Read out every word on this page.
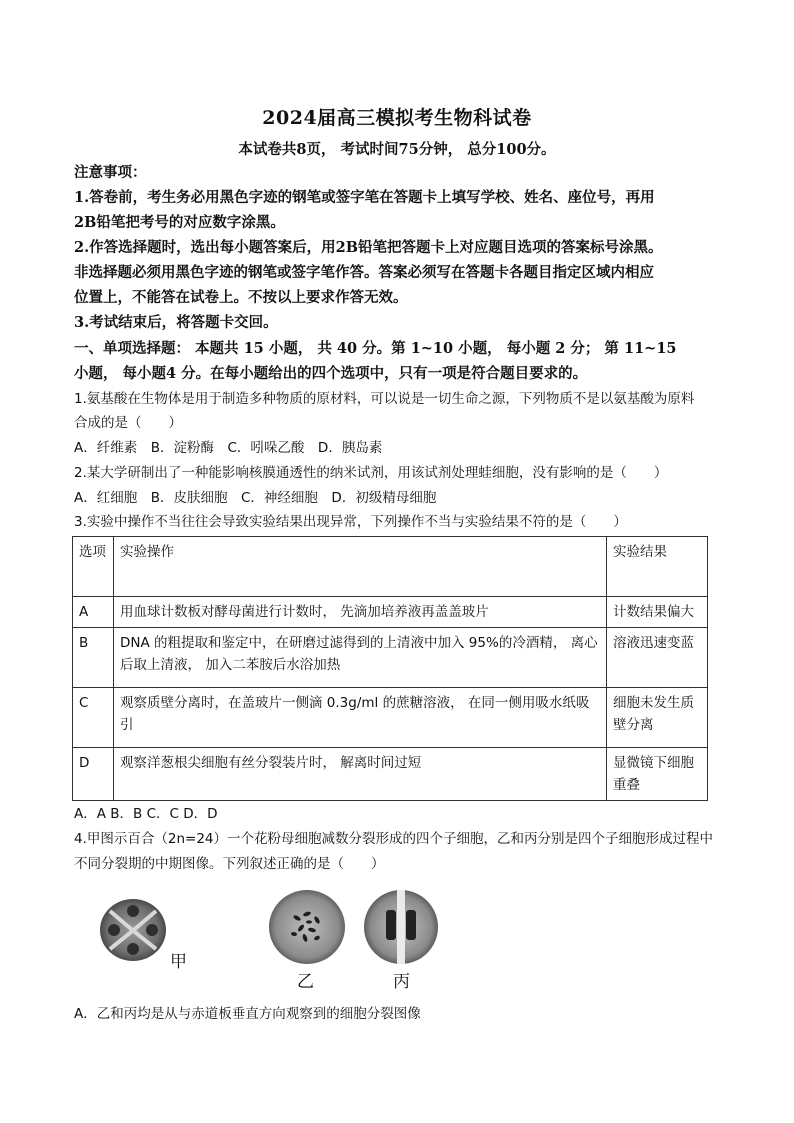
2024届高三模拟考生物科试卷
本试卷共8页， 考试时间75分钟， 总分100分。
注意事项：
1.答卷前，考生务必用黑色字迹的钢笔或签字笔在答题卡上填写学校、姓名、座位号，再用
2B铅笔把考号的对应数字涂黑。
2.作答选择题时，选出每小题答案后，用2B铅笔把答题卡上对应题目选项的答案标号涂黑。
非选择题必须用黑色字迹的钢笔或签字笔作答。答案必须写在答题卡各题目指定区域内相应
位置上，不能答在试卷上。不按以上要求作答无效。
3.考试结束后，将答题卡交回。
一、单项选择题： 本题共 15 小题， 共 40 分。第 1~10 小题， 每小题 2 分； 第 11~15
小题， 每小题4 分。在每小题给出的四个选项中，只有一项是符合题目要求的。
1.氨基酸在生物体是用于制造多种物质的原材料，可以说是一切生命之源，下列物质不是以氨基酸为原料
合成的是（　　）
A．纤维素　B．淀粉酶　C．吲哚乙酸　D．胰岛素
2.某大学研制出了一种能影响核膜通透性的纳米试剂，用该试剂处理蛙细胞，没有影响的是（　　）
A．红细胞　B．皮肤细胞　C．神经细胞　D．初级精母细胞
3.实验中操作不当往往会导致实验结果出现异常，下列操作不当与实验结果不符的是（　　）
选项	实验操作	实验结果
A	用血球计数板对酵母菌进行计数时， 先滴加培养液再盖盖玻片	计数结果偏大
B	DNA 的粗提取和鉴定中，在研磨过滤得到的上清液中加入 95%的冷酒精， 离心后取上清液， 加入二苯胺后水浴加热	溶液迅速变蓝
C	观察质壁分离时，在盖玻片一侧滴 0.3g/ml 的蔗糖溶液， 在同一侧用吸水纸吸引	细胞未发生质壁分离
D	观察洋葱根尖细胞有丝分裂装片时， 解离时间过短	显微镜下细胞重叠
A．A B．B C．C D．D
4.甲图示百合（2n=24）一个花粉母细胞减数分裂形成的四个子细胞，乙和丙分别是四个子细胞形成过程中
不同分裂期的中期图像。下列叙述正确的是（　　）
甲
乙	丙
A．乙和丙均是从与赤道板垂直方向观察到的细胞分裂图像
